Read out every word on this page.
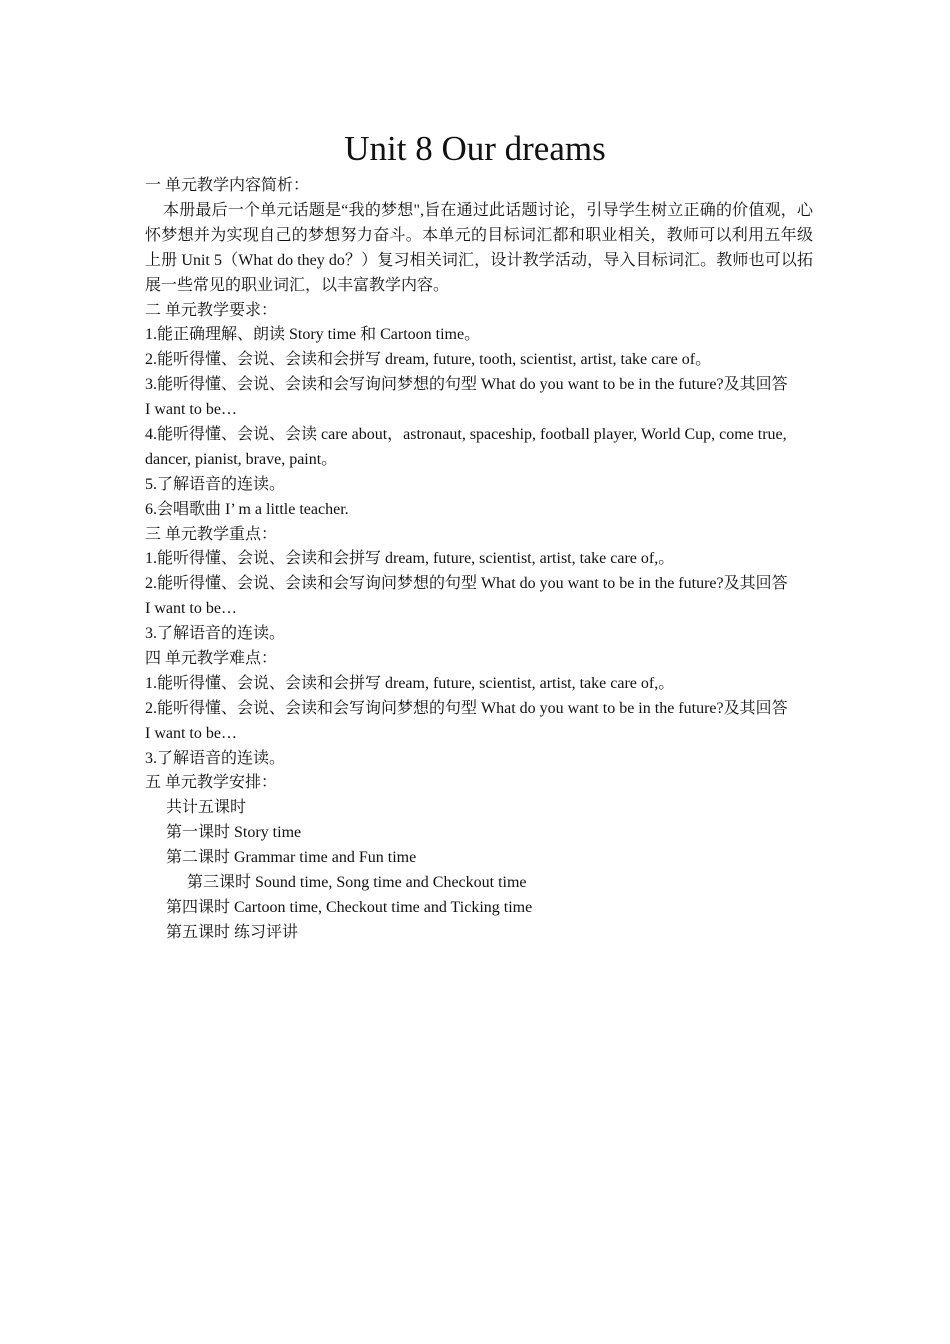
Unit 8 Our dreams
一 单元教学内容简析：
本册最后一个单元话题是“我的梦想",旨在通过此话题讨论，引导学生树立正确的价值观，心怀梦想并为实现自己的梦想努力奋斗。本单元的目标词汇都和职业相关，教师可以利用五年级上册 Unit 5（What do they do？）复习相关词汇，设计教学活动，导入目标词汇。教师也可以拓展一些常见的职业词汇，以丰富教学内容。
二 单元教学要求：
1.能正确理解、朗读 Story time 和 Cartoon time。
2.能听得懂、会说、会读和会拼写 dream, future, tooth, scientist, artist, take care of。
3.能听得懂、会说、会读和会写询问梦想的句型 What do you want to be in the future?及其回答
I want to be…
4.能听得懂、会说、会读 care about，astronaut, spaceship, football player, World Cup, come true,
dancer, pianist, brave, paint。
5.了解语音的连读。
6.会唱歌曲 I’ m a little teacher.
三 单元教学重点：
1.能听得懂、会说、会读和会拼写 dream, future, scientist, artist, take care of,。
2.能听得懂、会说、会读和会写询问梦想的句型 What do you want to be in the future?及其回答
I want to be…
3.了解语音的连读。
四 单元教学难点：
1.能听得懂、会说、会读和会拼写 dream, future, scientist, artist, take care of,。
2.能听得懂、会说、会读和会写询问梦想的句型 What do you want to be in the future?及其回答
I want to be…
3.了解语音的连读。
五 单元教学安排：
共计五课时
第一课时 Story time
第二课时 Grammar time and Fun time
第三课时 Sound time, Song time and Checkout time
第四课时 Cartoon time, Checkout time and Ticking time
第五课时 练习评讲
